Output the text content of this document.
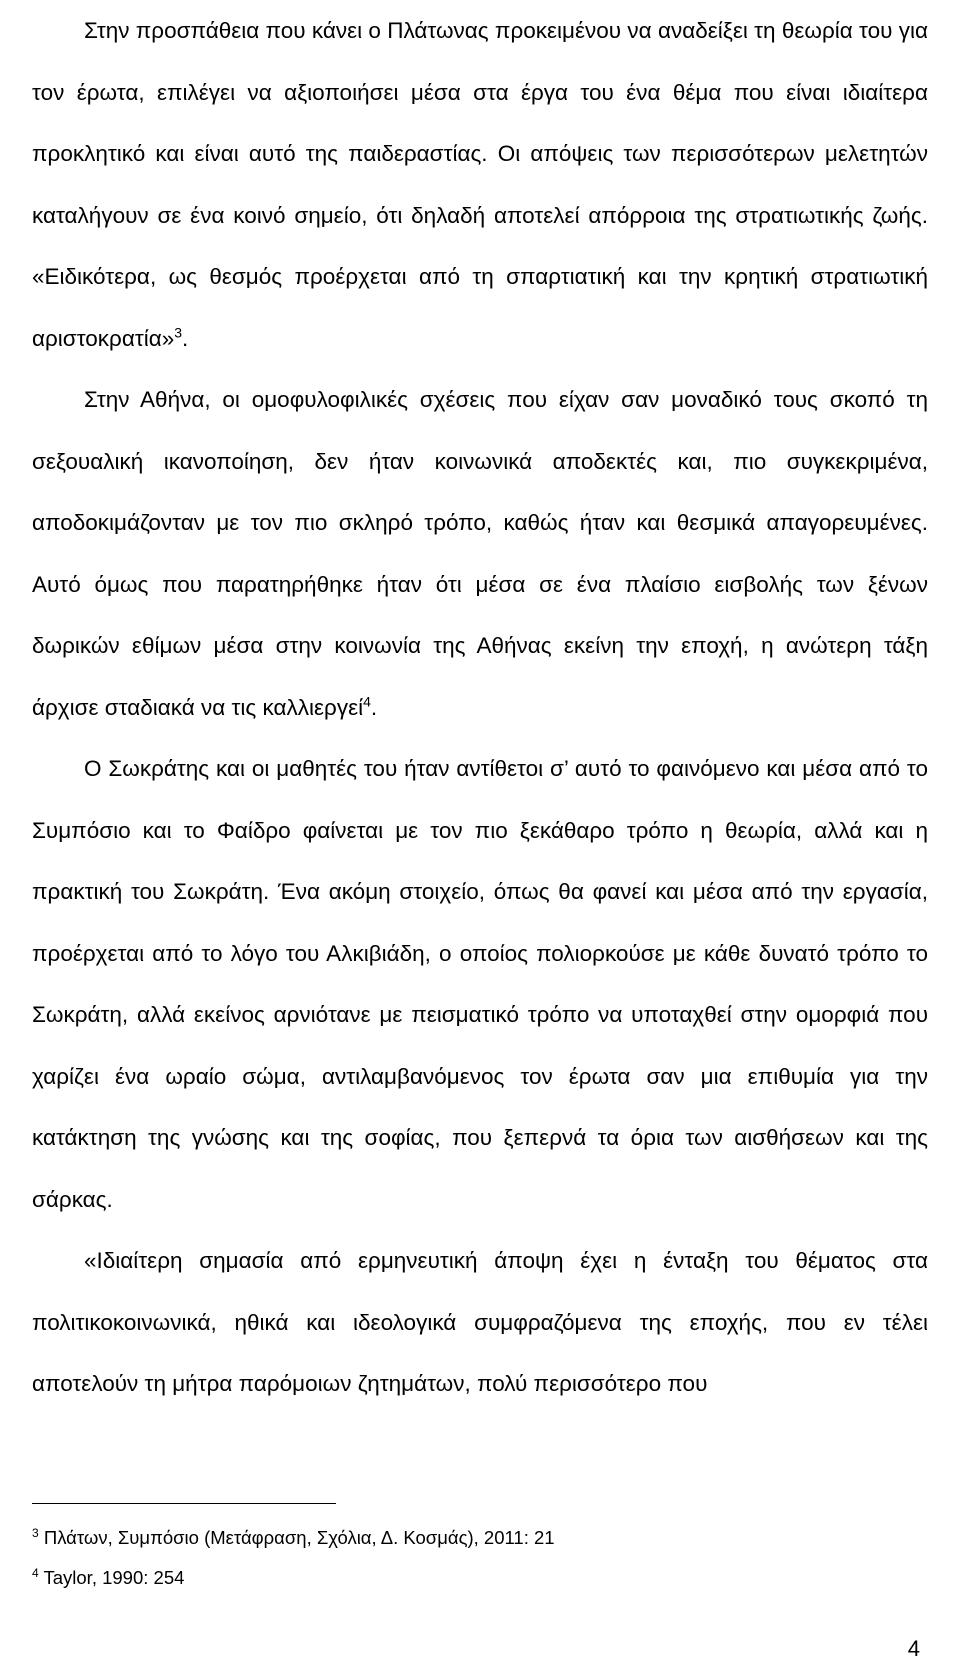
Στην προσπάθεια που κάνει ο Πλάτωνας προκειμένου να αναδείξει τη θεωρία του για τον έρωτα, επιλέγει να αξιοποιήσει μέσα στα έργα του ένα θέμα που είναι ιδιαίτερα προκλητικό και είναι αυτό της παιδεραστίας. Οι απόψεις των περισσότερων μελετητών καταλήγουν σε ένα κοινό σημείο, ότι δηλαδή αποτελεί απόρροια της στρατιωτικής ζωής. «Ειδικότερα, ως θεσμός προέρχεται από τη σπαρτιατική και την κρητική στρατιωτική αριστοκρατία»$^3$.

Στην Αθήνα, οι ομοφυλοφιλικές σχέσεις που είχαν σαν μοναδικό τους σκοπό τη σεξουαλική ικανοποίηση, δεν ήταν κοινωνικά αποδεκτές και, πιο συγκεκριμένα, αποδοκιμάζονταν με τον πιο σκληρό τρόπο, καθώς ήταν και θεσμικά απαγορευμένες. Αυτό όμως που παρατηρήθηκε ήταν ότι μέσα σε ένα πλαίσιο εισβολής των ξένων δωρικών εθίμων μέσα στην κοινωνία της Αθήνας εκείνη την εποχή, η ανώτερη τάξη άρχισε σταδιακά να τις καλλιεργεί$^4$.

Ο Σωκράτης και οι μαθητές του ήταν αντίθετοι σ’ αυτό το φαινόμενο και μέσα από το Συμπόσιο και το Φαίδρο φαίνεται με τον πιο ξεκάθαρο τρόπο η θεωρία, αλλά και η πρακτική του Σωκράτη. Ένα ακόμη στοιχείο, όπως θα φανεί και μέσα από την εργασία, προέρχεται από το λόγο του Αλκιβιάδη, ο οποίος πολιορκούσε με κάθε δυνατό τρόπο το Σωκράτη, αλλά εκείνος αρνιότανε με πεισματικό τρόπο να υποταχθεί στην ομορφιά που χαρίζει ένα ωραίο σώμα, αντιλαμβανόμενος τον έρωτα σαν μια επιθυμία για την κατάκτηση της γνώσης και της σοφίας, που ξεπερνά τα όρια των αισθήσεων και της σάρκας.

«Ιδιαίτερη σημασία από ερμηνευτική άποψη έχει η ένταξη του θέματος στα πολιτικοκοινωνικά, ηθικά και ιδεολογικά συμφραζόμενα της εποχής, που εν τέλει αποτελούν τη μήτρα παρόμοιων ζητημάτων, πολύ περισσότερο που

$^3$ Πλάτων, Συμπόσιο (Μετάφραση, Σχόλια, Δ. Κοσμάς), 2011: 21

$^4$ Taylor, 1990: 254

4
